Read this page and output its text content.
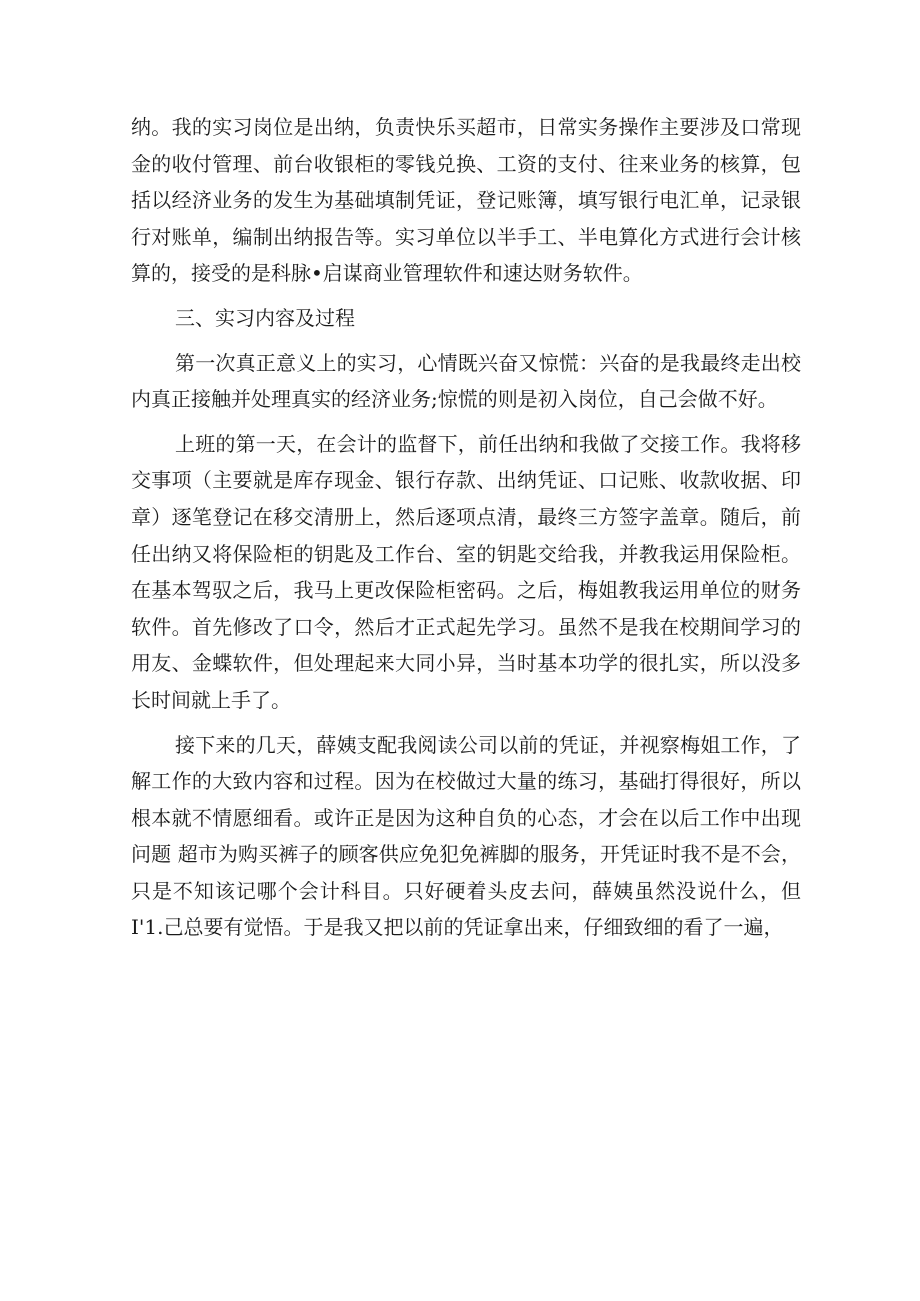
纳。我的实习岗位是出纳，负责快乐买超市，日常实务操作主要涉及口常现金的收付管理、前台收银柜的零钱兑换、工资的支付、往来业务的核算，包括以经济业务的发生为基础填制凭证，登记账簿，填写银行电汇单，记录银行对账单，编制出纳报告等。实习单位以半手工、半电算化方式进行会计核算的，接受的是科脉•启谋商业管理软件和速达财务软件。

三、实习内容及过程

第一次真正意义上的实习，心情既兴奋又惊慌：兴奋的是我最终走出校内真正接触并处理真实的经济业务;惊慌的则是初入岗位，自己会做不好。

上班的第一天，在会计的监督下，前任出纳和我做了交接工作。我将移交事项（主要就是库存现金、银行存款、出纳凭证、口记账、收款收据、印章）逐笔登记在移交清册上，然后逐项点清，最终三方签字盖章。随后，前任出纳又将保险柜的钥匙及工作台、室的钥匙交给我，并教我运用保险柜。在基本驾驭之后，我马上更改保险柜密码。之后，梅姐教我运用单位的财务软件。首先修改了口令，然后才正式起先学习。虽然不是我在校期间学习的用友、金蝶软件，但处理起来大同小异，当时基本功学的很扎实，所以没多长时间就上手了。

接下来的几天，薛姨支配我阅读公司以前的凭证，并视察梅姐工作，了解工作的大致内容和过程。因为在校做过大量的练习，基础打得很好，所以根本就不情愿细看。或许正是因为这种自负的心态，才会在以后工作中出现问题 超市为购买裤子的顾客供应免犯免裤脚的服务，开凭证时我不是不会，只是不知该记哪个会计科目。只好硬着头皮去问，薛姨虽然没说什么，但I'1.己总要有觉悟。于是我又把以前的凭证拿出来，仔细致细的看了一遍，
